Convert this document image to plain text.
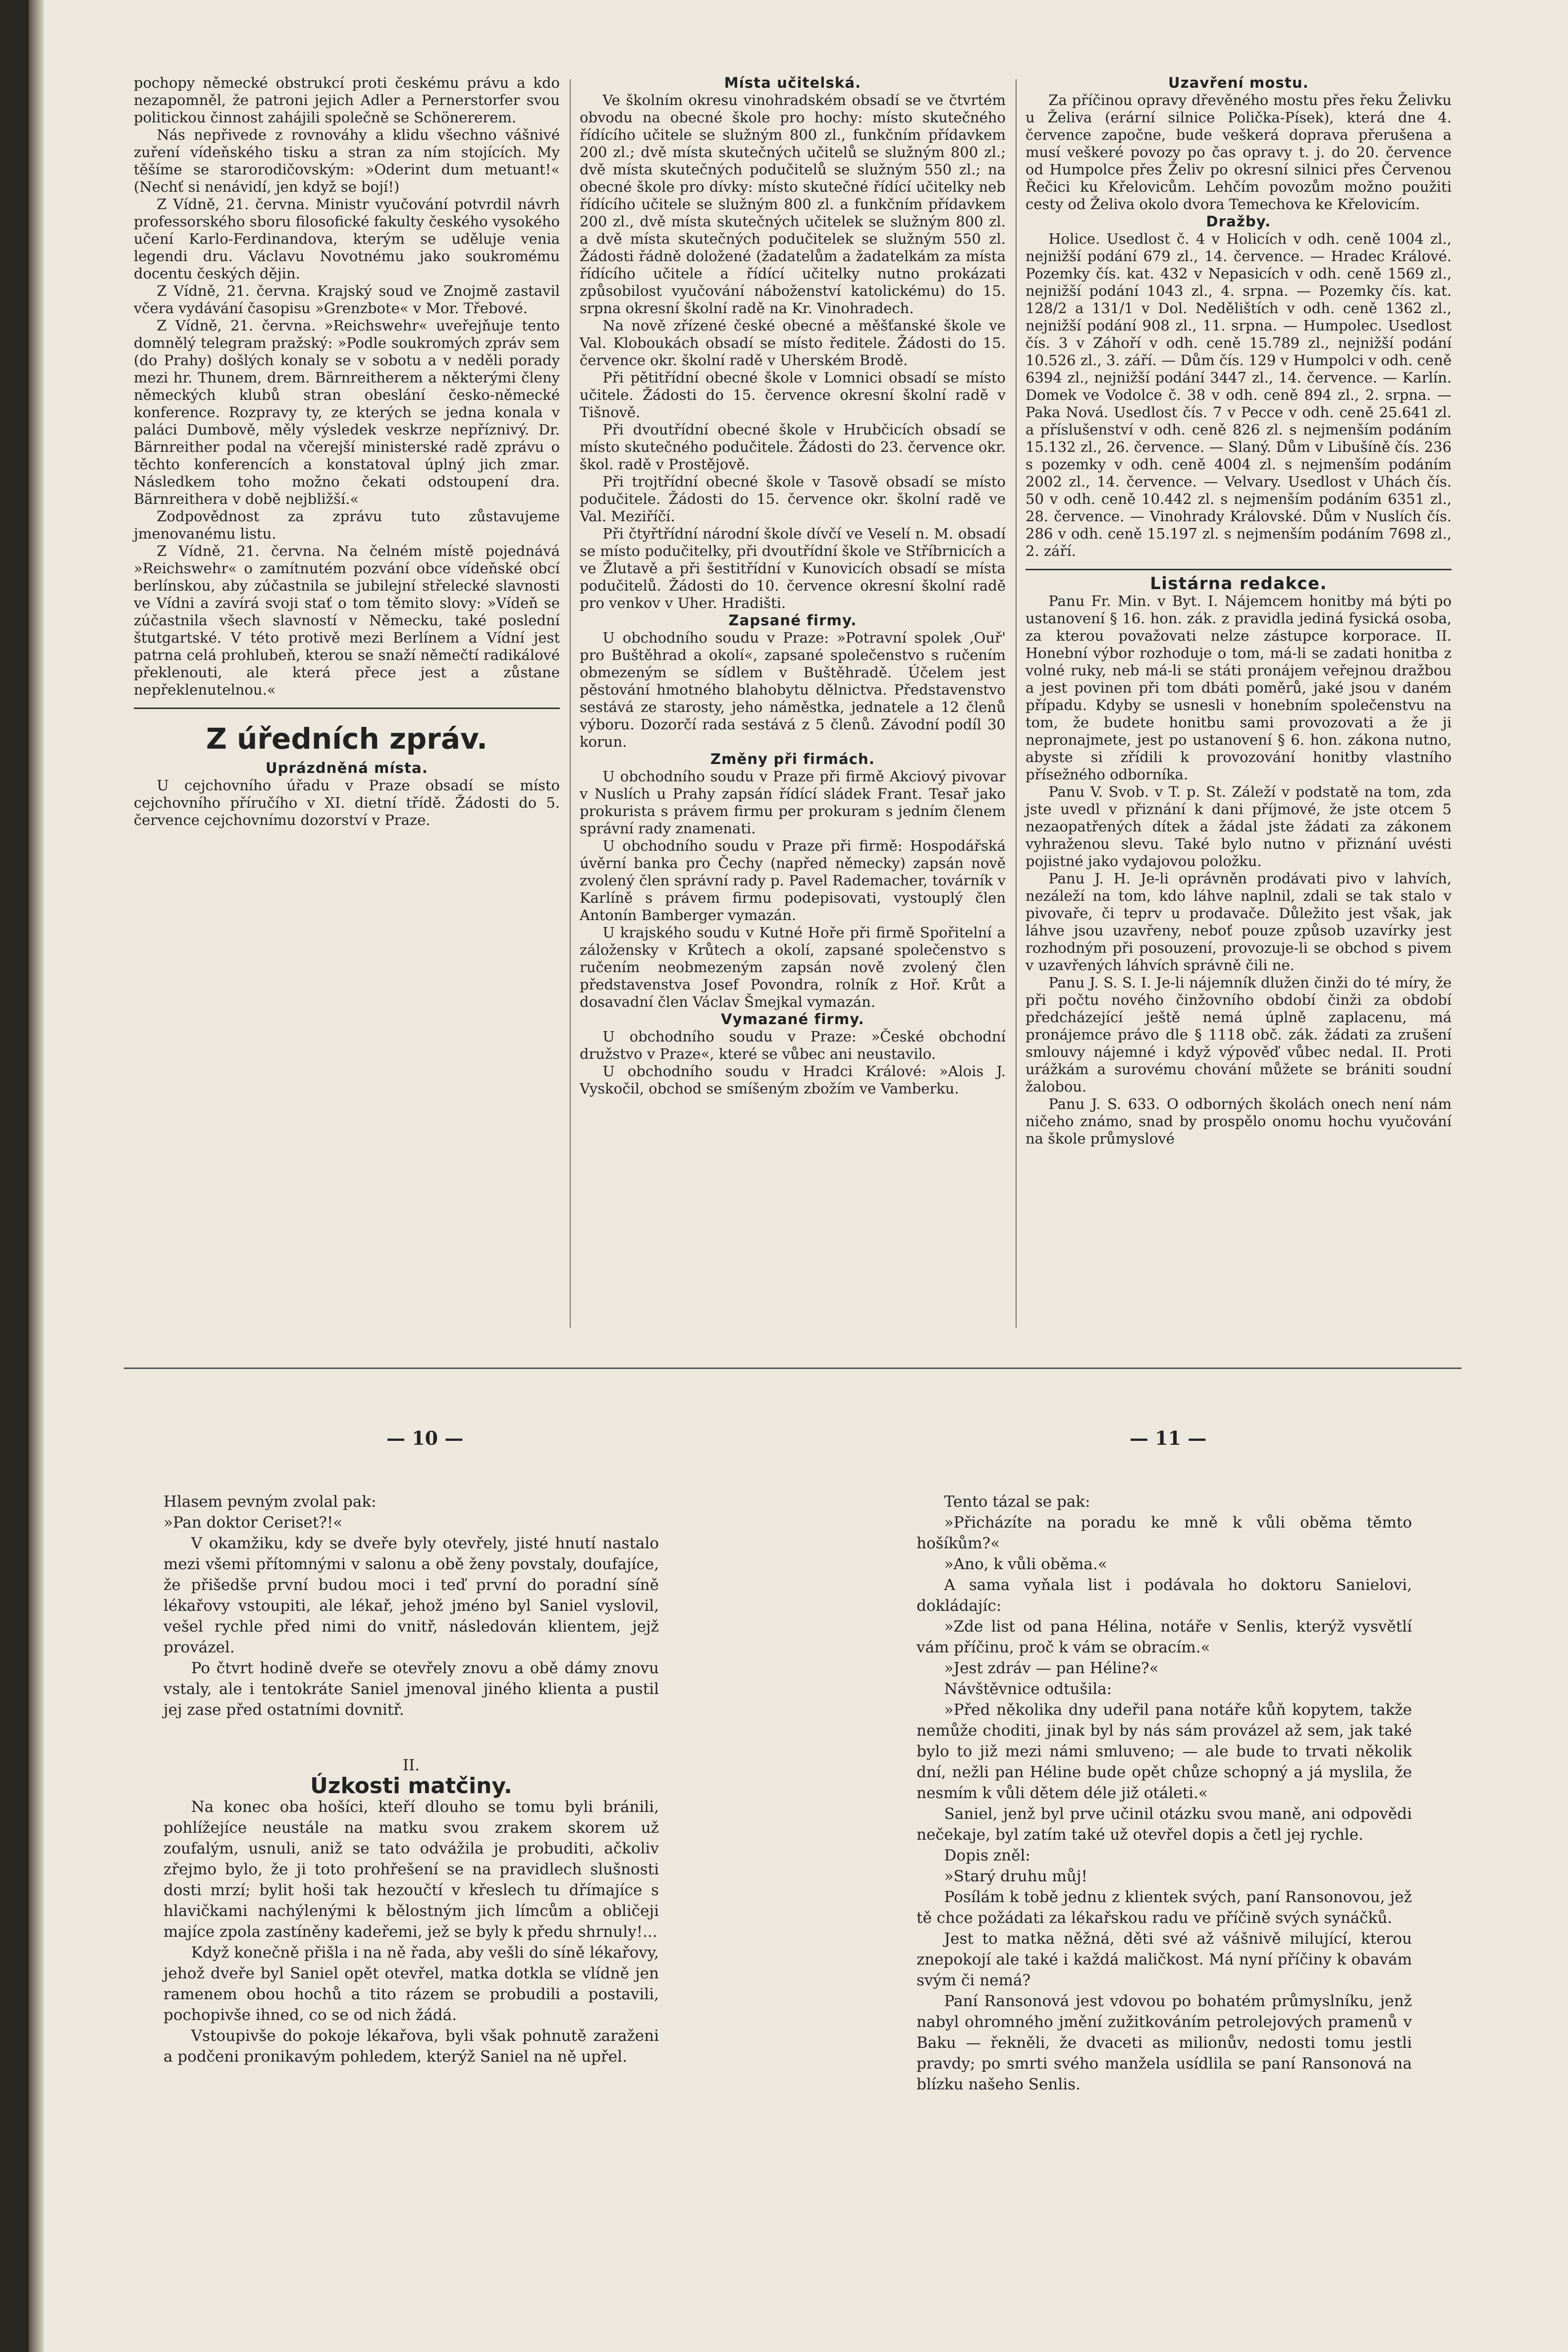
pochopy německé obstrukcí proti českému právu a kdo nezapomněl, že patroni jejich Adler a Pernerstorfer svou politickou činnost zahájili společně se Schönererem.

Nás nepřivede z rovnováhy a klidu všechno vášnivé zuření vídeňského tisku a stran za ním stojících. My těšíme se starorodičovským: »Oderint dum metuant!« (Nechť si nenávidí, jen když se bojí!)

Z Vídně, 21. června. Ministr vyučování potvrdil návrh professorského sboru filosofické fakulty českého vysokého učení Karlo-Ferdinandova, kterým se uděluje venia legendi dru. Václavu Novotnému jako soukromému docentu českých dějin.

Z Vídně, 21. června. Krajský soud ve Znojmě zastavil včera vydávání časopisu »Grenzbote« v Mor. Třebové.

Z Vídně, 21. června. »Reichswehr« uveřejňuje tento domnělý telegram pražský: »Podle soukromých zpráv sem (do Prahy) došlých konaly se v sobotu a v neděli porady mezi hr. Thunem, drem. Bärnreitherem a některými členy německých klubů stran obeslání česko-německé konference. Rozpravy ty, ze kterých se jedna konala v paláci Dumbově, měly výsledek veskrze nepříznivý. Dr. Bärnreither podal na včerejší ministerské radě zprávu o těchto konferencích a konstatoval úplný jich zmar. Následkem toho možno čekati odstoupení dra. Bärnreithera v době nejbližší.«

Zodpovědnost za zprávu tuto zůstavujeme jmenovanému listu.

Z Vídně, 21. června. Na čelném místě pojednává »Reichswehr« o zamítnutém pozvání obce vídeňské obcí berlínskou, aby zúčastnila se jubilejní střelecké slavnosti ve Vídni a zavírá svoji stať o tom těmito slovy: »Vídeň se zúčastnila všech slavností v Německu, také poslední štutgartské. V této protivě mezi Berlínem a Vídní jest patrna celá prohlubeň, kterou se snaží němečtí radikálové překlenouti, ale která přece jest a zůstane nepřeklenutelnou.«

Z úředních zpráv.

Uprázdněná místa.

U cejchovního úřadu v Praze obsadí se místo cejchovního příručího v XI. dietní třídě. Žádosti do 5. července cejchovnímu dozorství v Praze.

Místa učitelská.

Ve školním okresu vinohradském obsadí se ve čtvrtém obvodu na obecné škole pro hochy: místo skutečného řídícího učitele se služným 800 zl., funkčním přídavkem 200 zl.; dvě místa skutečných učitelů se služným 800 zl.; dvě místa skutečných podučitelů se služným 550 zl.; na obecné škole pro dívky: místo skutečné řídící učitelky neb řídícího učitele se služným 800 zl. a funkčním přídavkem 200 zl., dvě místa skutečných učitelek se služným 800 zl. a dvě místa skutečných podučitelek se služným 550 zl. Žádosti řádně doložené (žadatelům a žadatelkám za místa řídícího učitele a řídící učitelky nutno prokázati způsobilost vyučování náboženství katolickému) do 15. srpna okresní školní radě na Kr. Vinohradech.

Na nově zřízené české obecné a měšťanské škole ve Val. Kloboukách obsadí se místo ředitele. Žádosti do 15. července okr. školní radě v Uherském Brodě.

Při pětitřídní obecné škole v Lomnici obsadí se místo učitele. Žádosti do 15. července okresní školní radě v Tišnově.

Při dvoutřídní obecné škole v Hrubčicích obsadí se místo skutečného podučitele. Žádosti do 23. července okr. škol. radě v Prostějově.

Při trojtřídní obecné škole v Tasově obsadí se místo podučitele. Žádosti do 15. července okr. školní radě ve Val. Meziříčí.

Při čtyřtřídní národní škole dívčí ve Veselí n. M. obsadí se místo podučitelky, při dvoutřídní škole ve Stříbrnicích a ve Žlutavě a při šestitřídní v Kunovicích obsadí se místa podučitelů. Žádosti do 10. července okresní školní radě pro venkov v Uher. Hradišti.

Zapsané firmy.

U obchodního soudu v Praze: »Potravní spolek ‚Ouř' pro Buštěhrad a okolí«, zapsané společenstvo s ručením obmezeným se sídlem v Buštěhradě. Účelem jest pěstování hmotného blahobytu dělnictva. Představenstvo sestává ze starosty, jeho náměstka, jednatele a 12 členů výboru. Dozorčí rada sestává z 5 členů. Závodní podíl 30 korun.

Změny při firmách.

U obchodního soudu v Praze při firmě Akciový pivovar v Nuslích u Prahy zapsán řídící sládek Frant. Tesař jako prokurista s právem firmu per prokuram s jedním členem správní rady znamenati.

U obchodního soudu v Praze při firmě: Hospodářská úvěrní banka pro Čechy (napřed německy) zapsán nově zvolený člen správní rady p. Pavel Rademacher, továrník v Karlíně s právem firmu podepisovati, vystouplý člen Antonín Bamberger vymazán.

U krajského soudu v Kutné Hoře při firmě Spořitelní a záložensky v Krůtech a okolí, zapsané společenstvo s ručením neobmezeným zapsán nově zvolený člen představenstva Josef Povondra, rolník z Hoř. Krůt a dosavadní člen Václav Šmejkal vymazán.

Vymazané firmy.

U obchodního soudu v Praze: »České obchodní družstvo v Praze«, které se vůbec ani neustavilo.

U obchodního soudu v Hradci Králové: »Alois J. Vyskočil, obchod se smíšeným zbožím ve Vamberku.

Uzavření mostu.

Za příčinou opravy dřevěného mostu přes řeku Želivku u Želiva (erární silnice Polička-Písek), která dne 4. července započne, bude veškerá doprava přerušena a musí veškeré povozy po čas opravy t. j. do 20. července od Humpolce přes Želiv po okresní silnici přes Červenou Řečici ku Křelovicům. Lehčím povozům možno použiti cesty od Želiva okolo dvora Temechova ke Křelovicím.

Dražby.

Holice. Usedlost č. 4 v Holicích v odh. ceně 1004 zl., nejnižší podání 679 zl., 14. července. — Hradec Králové. Pozemky čís. kat. 432 v Nepasicích v odh. ceně 1569 zl., nejnižší podání 1043 zl., 4. srpna. — Pozemky čís. kat. 128/2 a 131/1 v Dol. Nedělištích v odh. ceně 1362 zl., nejnižší podání 908 zl., 11. srpna. — Humpolec. Usedlost čís. 3 v Záhoří v odh. ceně 15.789 zl., nejnižší podání 10.526 zl., 3. září. — Dům čís. 129 v Humpolci v odh. ceně 6394 zl., nejnižší podání 3447 zl., 14. července. — Karlín. Domek ve Vodolce č. 38 v odh. ceně 894 zl., 2. srpna. — Paka Nová. Usedlost čís. 7 v Pecce v odh. ceně 25.641 zl. a příslušenství v odh. ceně 826 zl. s nejmenším podáním 15.132 zl., 26. července. — Slaný. Dům v Libušíně čís. 236 s pozemky v odh. ceně 4004 zl. s nejmenším podáním 2002 zl., 14. července. — Velvary. Usedlost v Uhách čís. 50 v odh. ceně 10.442 zl. s nejmenším podáním 6351 zl., 28. července. — Vinohrady Královské. Dům v Nuslích čís. 286 v odh. ceně 15.197 zl. s nejmenším podáním 7698 zl., 2. září.

Listárna redakce.

Panu Fr. Min. v Byt. I. Nájemcem honitby má býti po ustanovení § 16. hon. zák. z pravidla jediná fysická osoba, za kterou považovati nelze zástupce korporace. II. Honební výbor rozhoduje o tom, má-li se zadati honitba z volné ruky, neb má-li se státi pronájem veřejnou dražbou a jest povinen při tom dbáti poměrů, jaké jsou v daném případu. Kdyby se usnesli v honebním společenstvu na tom, že budete honitbu sami provozovati a že ji nepronajmete, jest po ustanovení § 6. hon. zákona nutno, abyste si zřídili k provozování honitby vlastního přísežného odborníka.

Panu V. Svob. v T. p. St. Záleží v podstatě na tom, zda jste uvedl v přiznání k dani příjmové, že jste otcem 5 nezaopatřených dítek a žádal jste žádati za zákonem vyhraženou slevu. Také bylo nutno v přiznání uvésti pojistné jako vydajovou položku.

Panu J. H. Je-li oprávněn prodávati pivo v lahvích, nezáleží na tom, kdo láhve naplnil, zdali se tak stalo v pivovaře, či teprv u prodavače. Důležito jest však, jak láhve jsou uzavřeny, neboť pouze způsob uzavírky jest rozhodným při posouzení, provozuje-li se obchod s pivem v uzavřených láhvích správně čili ne.

Panu J. S. S. I. Je-li nájemník dlužen činži do té míry, že při počtu nového činžovního období činži za období předcházející ještě nemá úplně zaplacenu, má pronájemce právo dle § 1118 obč. zák. žádati za zrušení smlouvy nájemné i když výpověď vůbec nedal. II. Proti urážkám a surovému chování můžete se brániti soudní žalobou.

Panu J. S. 633. O odborných školách onech není nám ničeho známo, snad by prospělo onomu hochu vyučování na škole průmyslové

— 10 —	— 11 —

Hlasem pevným zvolal pak:

»Pan doktor Ceriset?!«

V okamžiku, kdy se dveře byly otevřely, jisté hnutí nastalo mezi všemi přítomnými v salonu a obě ženy povstaly, doufajíce, že přišedše první budou moci i teď první do poradní síně lékařovy vstoupiti, ale lékař, jehož jméno byl Saniel vyslovil, vešel rychle před nimi do vnitř, následován klientem, jejž provázel.

Po čtvrt hodině dveře se otevřely znovu a obě dámy znovu vstaly, ale i tentokráte Saniel jmenoval jiného klienta a pustil jej zase před ostatními dovnitř.

II.

Úzkosti matčiny.

Na konec oba hošíci, kteří dlouho se tomu byli bránili, pohlížejíce neustále na matku svou zrakem skorem už zoufalým, usnuli, aniž se tato odvážila je probuditi, ačkoliv zřejmo bylo, že ji toto prohřešení se na pravidlech slušnosti dosti mrzí; bylit hoši tak hezoučtí v křeslech tu dřímajíce s hlavičkami nachýlenými k bělostným jich límcům a obličeji majíce zpola zastíněny kadeřemi, jež se byly k předu shrnuly!...

Když konečně přišla i na ně řada, aby vešli do síně lékařovy, jehož dveře byl Saniel opět otevřel, matka dotkla se vlídně jen ramenem obou hochů a tito rázem se probudili a postavili, pochopivše ihned, co se od nich žádá.

Vstoupivše do pokoje lékařova, byli však pohnutě zaraženi a podčeni pronikavým pohledem, kterýž Saniel na ně upřel.

Tento tázal se pak:

»Přicházíte na poradu ke mně k vůli oběma těmto hošíkům?«

»Ano, k vůli oběma.«

A sama vyňala list i podávala ho doktoru Sanielovi, dokládajíc:

»Zde list od pana Hélina, notáře v Senlis, kterýž vysvětlí vám příčinu, proč k vám se obracím.«

»Jest zdráv — pan Héline?«

Návštěvnice odtušila:

»Před několika dny udeřil pana notáře kůň kopytem, takže nemůže choditi, jinak byl by nás sám provázel až sem, jak také bylo to již mezi námi smluveno; — ale bude to trvati několik dní, nežli pan Héline bude opět chůze schopný a já myslila, že nesmím k vůli dětem déle již otáleti.«

Saniel, jenž byl prve učinil otázku svou maně, ani odpovědi nečekaje, byl zatím také už otevřel dopis a četl jej rychle.

Dopis zněl:

»Starý druhu můj!

Posílám k tobě jednu z klientek svých, paní Ransonovou, jež tě chce požádati za lékařskou radu ve příčině svých synáčků.

Jest to matka něžná, děti své až vášnivě milující, kterou znepokojí ale také i každá maličkost. Má nyní příčiny k obavám svým či nemá?

Paní Ransonová jest vdovou po bohatém průmyslníku, jenž nabyl ohromného jmění zužitkováním petrolejových pramenů v Baku — řekněli, že dvaceti as milionův, nedosti tomu jestli pravdy; po smrti svého manžela usídlila se paní Ransonová na blízku našeho Senlis.
